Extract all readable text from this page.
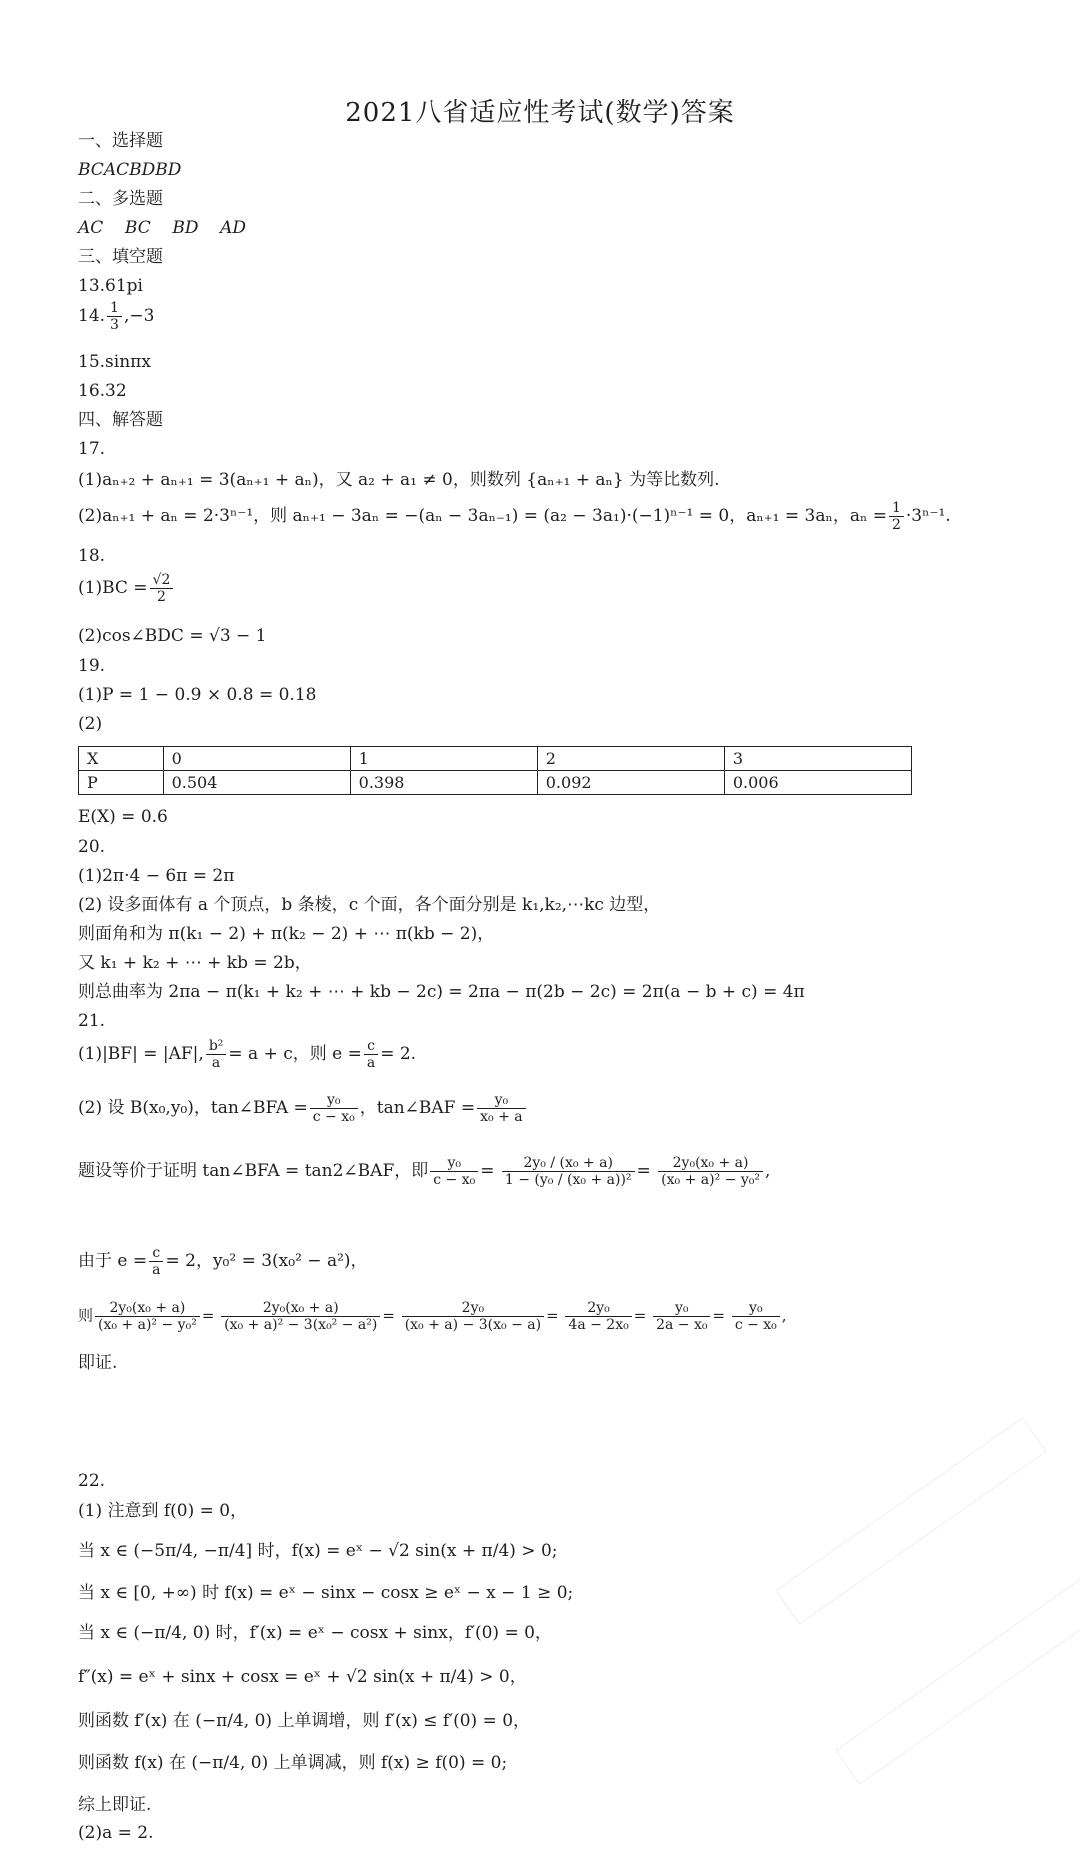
2021八省适应性考试(数学)答案
一、选择题
BCACBDBD
二、多选题
AC    BC    BD    AD
三、填空题
13.61pi
14. $\frac{1}{3} ,-3$
15.sinπx
16.32
四、解答题
17.
(1)aₙ₊₂ + aₙ₊₁ = 3(aₙ₊₁ + aₙ)，又 a₂ + a₁ ≠ 0，则数列 {aₙ₊₁ + aₙ} 为等比数列.
(2)aₙ₊₁ + aₙ = 2·3ⁿ⁻¹，则 aₙ₊₁ − 3aₙ = −(aₙ − 3aₙ₋₁) = (a₂ − 3a₁)·(−1)ⁿ⁻¹ = 0，aₙ₊₁ = 3aₙ，$a_n = \frac{1}{2} \cdot 3^{n-1}$.
18.
$(1)BC = \frac{√2}{2}$
(2)cos∠BDC = √3 − 1
19.
(1)P = 1 − 0.9 × 0.8 = 0.18
(2)
X	0	1	2	3
P	0.504	0.398	0.092	0.006
E(X) = 0.6
20.
(1)2π·4 − 6π = 2π
(2) 设多面体有 a 个顶点，b 条棱，c 个面，各个面分别是 k₁,k₂,⋯kc 边型，
则面角和为 π(k₁ − 2) + π(k₂ − 2) + ⋯ π(kb − 2)，
又 k₁ + k₂ + ⋯ + kb = 2b，
则总曲率为 2πa − π(k₁ + k₂ + ⋯ + kb − 2c) = 2πa − π(2b − 2c) = 2π(a − b + c) = 4π
21.
(1)|BF| = |AF|, $\frac{\text{b²}}{a} = a + c$，则 $e = \frac{c}{a} = 2$.
(2) 设 B(x₀,y₀)，tan∠BFA = $\frac{\text{y₀}}{\text{c − x₀}}$ ，tan∠BAF = $\frac{\text{y₀}}{\text{x₀ + a}}$
题设等价于证明 tan∠BFA = tan2∠BAF，即 $\frac{\text{y₀}}{\text{c − x₀}} = \frac{\text{2y₀ / (x₀ + a)}}{\text{1 − (y₀ / (x₀ + a))²}} = \frac{\text{2y₀(x₀ + a)}}{\text{(x₀ + a)² − y₀²}}$ ,
由于 $e = \frac{c}{a} = 2$，y₀² = 3(x₀² − a²)，
则 $\frac{\text{2y₀(x₀ + a)}}{\text{(x₀ + a)² − y₀²}} = \frac{\text{2y₀(x₀ + a)}}{\text{(x₀ + a)² − 3(x₀² − a²)}} = \frac{\text{2y₀}}{\text{(x₀ + a) − 3(x₀ − a)}} = \frac{\text{2y₀}}{\text{4a − 2x₀}} = \frac{\text{y₀}}{\text{2a − x₀}} = \frac{\text{y₀}}{\text{c − x₀}}$ ,
即证.
22.
(1) 注意到 f(0) = 0，
当 x ∈ (−5π/4, −π/4] 时，f(x) = eˣ − √2 sin(x + π/4) > 0;
当 x ∈ [0, +∞) 时 f(x) = eˣ − sinx − cosx ≥ eˣ − x − 1 ≥ 0;
当 x ∈ (−π/4, 0) 时，f′(x) = eˣ − cosx + sinx，f′(0) = 0，
f″(x) = eˣ + sinx + cosx = eˣ + √2 sin(x + π/4) > 0，
则函数 f′(x) 在 (−π/4, 0) 上单调增，则 f′(x) ≤ f′(0) = 0，
则函数 f(x) 在 (−π/4, 0) 上单调减，则 f(x) ≥ f(0) = 0;
综上即证.
(2)a = 2.
